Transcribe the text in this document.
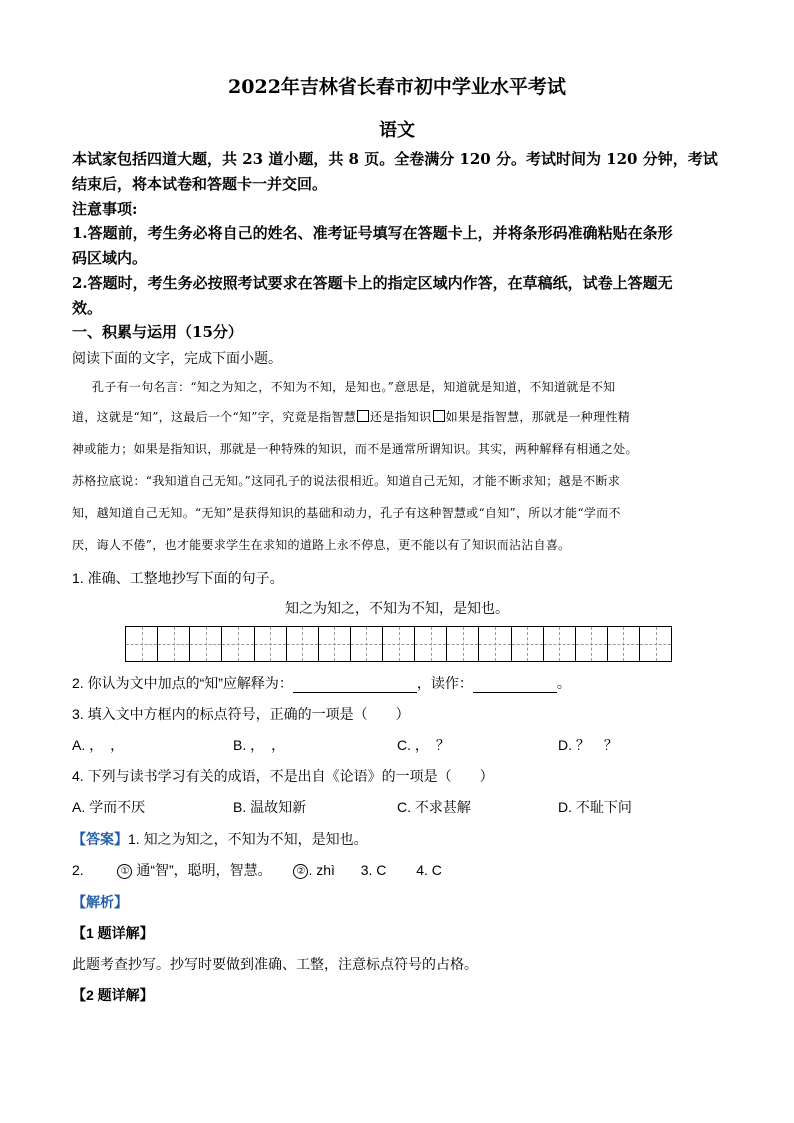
2022年吉林省长春市初中学业水平考试
语文
本试家包括四道大题，共 23 道小题，共 8 页。全卷满分 120 分。考试时间为 120 分钟，考试
结束后，将本试卷和答题卡一并交回。
注意事项:
1.答题前，考生务必将自己的姓名、准考证号填写在答题卡上，并将条形码准确粘贴在条形
码区域内。
2.答题时，考生务必按照考试要求在答题卡上的指定区域内作答，在草稿纸，试卷上答题无
效。
一、积累与运用（15分）
阅读下面的文字，完成下面小题。
孔子有一句名言：“知之为知之，不知为不知，是知也。”意思是，知道就是知道，不知道就是不知
道，这就是“知”，这最后一个“知”字，究竟是指智慧 还是指知识 如果是指智慧，那就是一种理性精
神或能力；如果是指知识，那就是一种特殊的知识，而不是通常所谓知识。其实，两种解释有相通之处。
苏格拉底说：“我知道自己无知。”这同孔子的说法很相近。知道自己无知，才能不断求知；越是不断求
知，越知道自己无知。“无知”是获得知识的基础和动力，孔子有这种智慧或“自知”，所以才能“学而不
厌，诲人不倦”，也才能要求学生在求知的道路上永不停息，更不能以有了知识而沾沾自喜。
1. 准确、工整地抄写下面的句子。
知之为知之，不知为不知，是知也。
2. 你认为文中加点的“知”应解释为：	，读作：	。
3. 填入文中方框内的标点符号，正确的一项是（　　）
A. ，　，	B. ，　，	C. ，　？	D. ？　？
4. 下列与读书学习有关的成语，不是出自《论语》的一项是（　　）
A. 学而不厌	B. 温故知新	C. 不求甚解	D. 不耻下问
【答案】1. 知之为知之，不知为不知，是知也。
2.	① 通“智”，聪明，智慧。 ② . zhì 3. C 4. C
【解析】
【1 题详解】
此题考查抄写。抄写时要做到准确、工整，注意标点符号的占格。
【2 题详解】
